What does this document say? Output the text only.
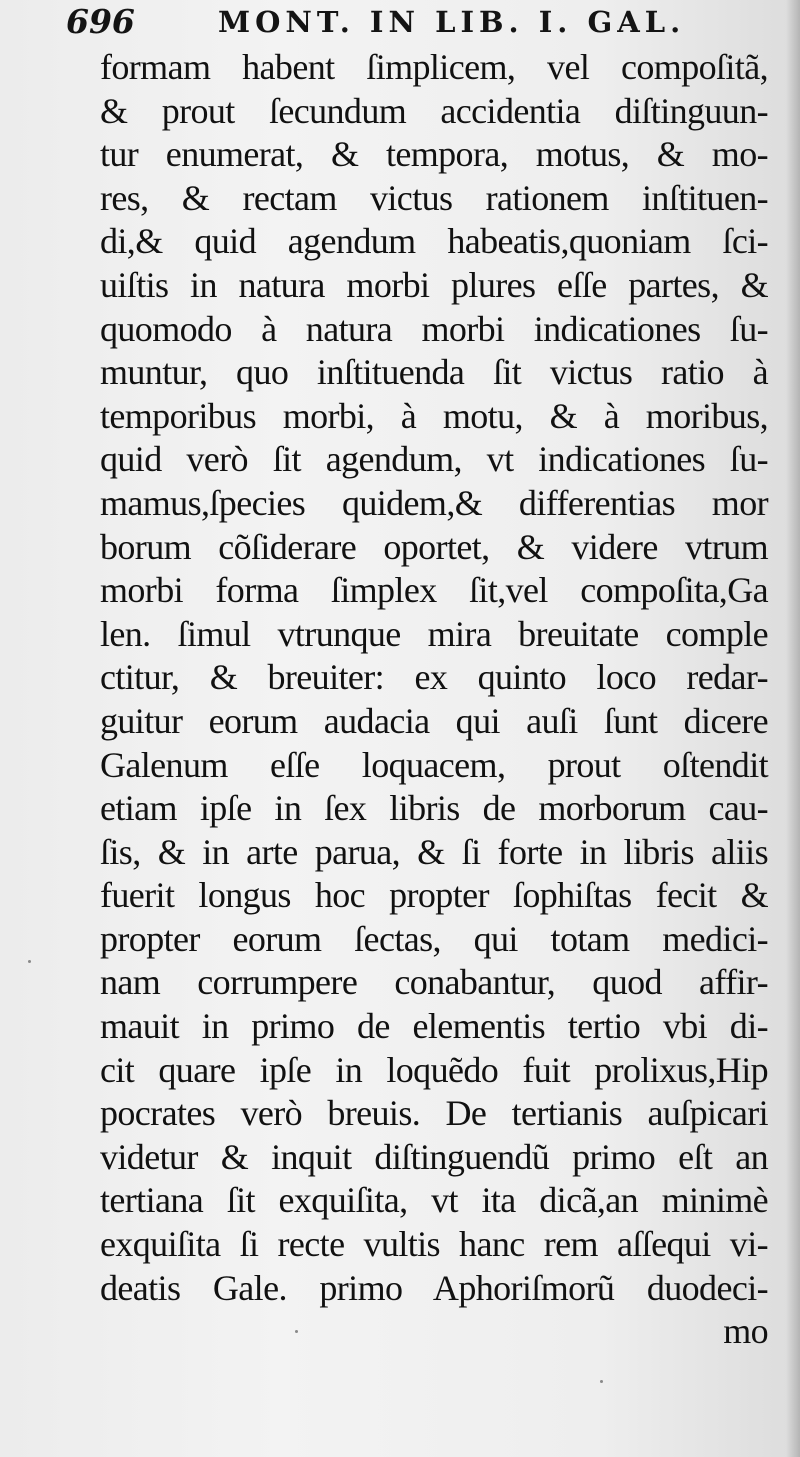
696	MONT. IN LIB. I. GAL.
formam habent ſimplicem, vel compoſitã,
& prout ſecundum accidentia diſtinguun-
tur enumerat, & tempora, motus, & mo-
res, & rectam victus rationem inſtituen-
di,& quid agendum habeatis,quoniam ſci-
uiſtis in natura morbi plures eſſe partes, &
quomodo à natura morbi indicationes ſu-
muntur, quo inſtituenda ſit victus ratio à
temporibus morbi, à motu, & à moribus,
quid verò ſit agendum, vt indicationes ſu-
mamus,ſpecies quidem,& differentias mor
borum cõſiderare oportet, & videre vtrum
morbi forma ſimplex ſit,vel compoſita,Ga
len. ſimul vtrunque mira breuitate comple
ctitur, & breuiter: ex quinto loco redar-
guitur eorum audacia qui auſi ſunt dicere
Galenum eſſe loquacem, prout oſtendit
etiam ipſe in ſex libris de morborum cau-
ſis, & in arte parua, & ſi forte in libris aliis
fuerit longus hoc propter ſophiſtas fecit &
propter eorum ſectas, qui totam medici-
nam corrumpere conabantur, quod affir-
mauit in primo de elementis tertio vbi di-
cit quare ipſe in loquẽdo fuit prolixus,Hip
pocrates verò breuis. De tertianis auſpicari
videtur & inquit diſtinguendũ primo eſt an
tertiana ſit exquiſita, vt ita dicã,an minimè
exquiſita ſi recte vultis hanc rem aſſequi vi-
deatis Gale. primo Aphoriſmorũ duodeci-
mo
